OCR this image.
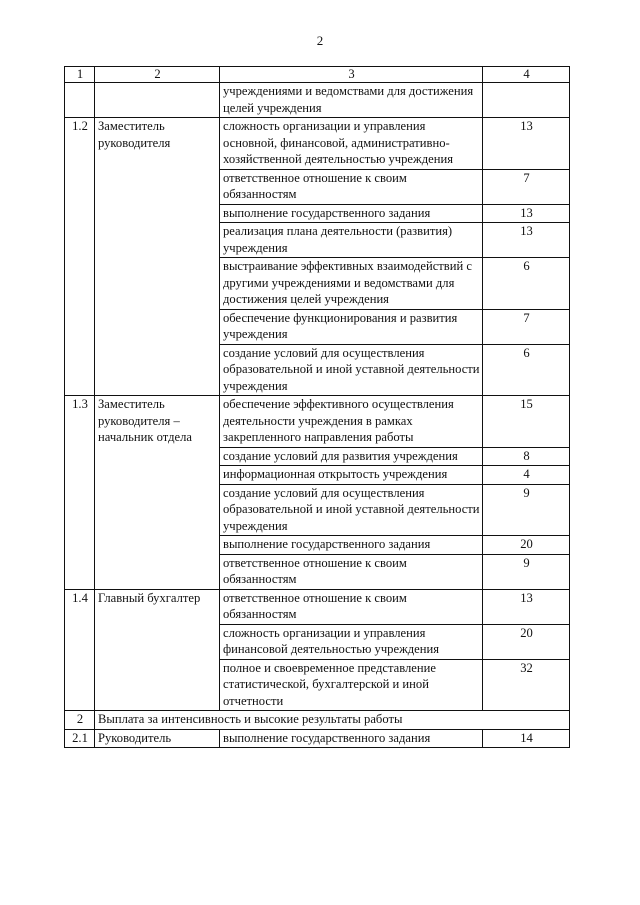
2
1	2	3	4
		учреждениями и ведомствами для достижения целей учреждения	
1.2	Заместитель руководителя	сложность организации и управления основной, финансовой, административно-хозяйственной деятельностью учреждения	13
		ответственное отношение к своим обязанностям	7
		выполнение государственного задания	13
		реализация плана деятельности (развития) учреждения	13
		выстраивание эффективных взаимодействий с другими учреждениями и ведомствами для достижения целей учреждения	6
		обеспечение функционирования и развития учреждения	7
		создание условий для осуществления образовательной и иной уставной деятельности учреждения	6
1.3	Заместитель руководителя – начальник отдела	обеспечение эффективного осуществления деятельности учреждения в рамках закрепленного направления работы	15
		создание условий для развития учреждения	8
		информационная открытость учреждения	4
		создание условий для осуществления образовательной и иной уставной деятельности учреждения	9
		выполнение государственного задания	20
		ответственное отношение к своим обязанностям	9
1.4	Главный бухгалтер	ответственное отношение к своим обязанностям	13
		сложность организации и управления финансовой деятельностью учреждения	20
		полное и своевременное представление статистической, бухгалтерской и иной отчетности	32
2	Выплата за интенсивность и высокие результаты работы		
2.1	Руководитель	выполнение государственного задания	14
